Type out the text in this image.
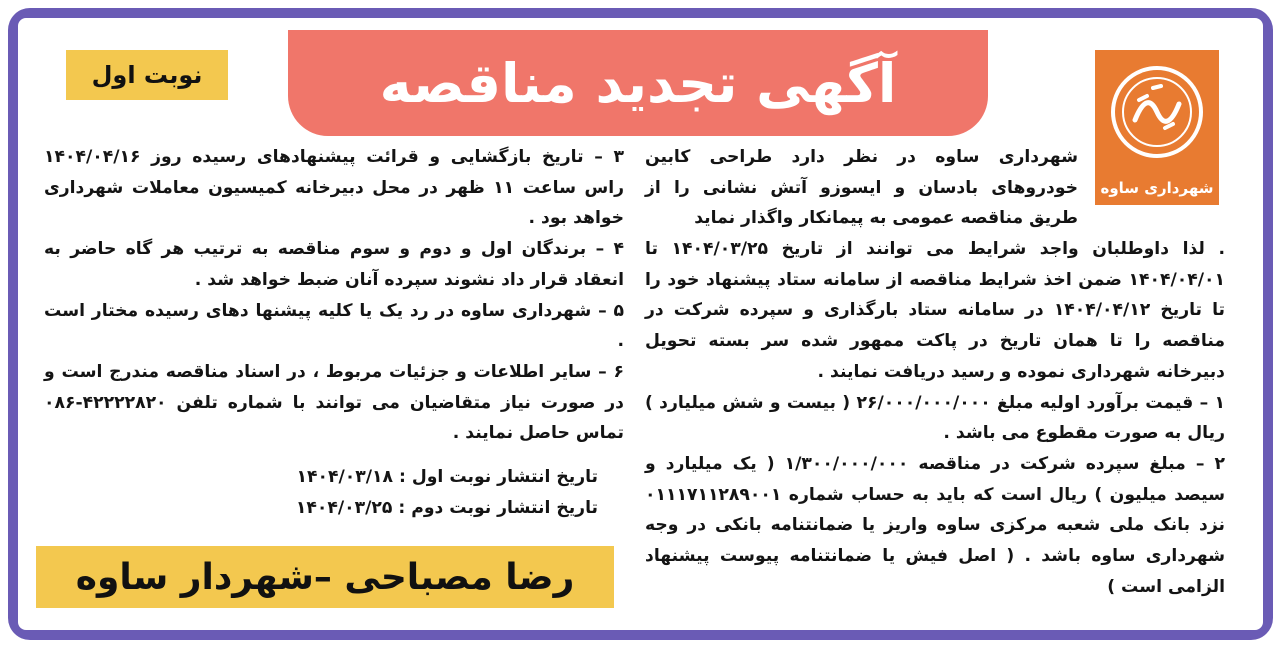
آگهی تجدید مناقصه
نوبت اول
شهرداری ساوه

شهرداری ساوه در نظر دارد طراحی کابین خودروهای بادسان و ایسوزو آتش نشانی را از طریق مناقصه عمومی به پیمانکار واگذار نماید

. لذا داوطلبان واجد شرایط می توانند از تاریخ ۱۴۰۴/۰۳/۲۵ تا ۱۴۰۴/۰۴/۰۱ ضمن اخذ شرایط مناقصه از سامانه ستاد پیشنهاد خود را تا تاریخ ۱۴۰۴/۰۴/۱۲ در سامانه ستاد بارگذاری و سپرده شرکت در مناقصه را تا همان تاریخ در پاکت ممهور شده سر بسته تحویل دبیرخانه شهرداری نموده و رسید دریافت نمایند .

۱ – قیمت برآورد اولیه مبلغ ۲۶/۰۰۰/۰۰۰/۰۰۰ ( بیست و شش میلیارد ) ریال به صورت مقطوع می باشد .

۲ – مبلغ سپرده شرکت در مناقصه ۱/۳۰۰/۰۰۰/۰۰۰ ( یک میلیارد و سیصد میلیون ) ریال است که باید به حساب شماره ۰۱۱۱۷۱۱۲۸۹۰۰۱ نزد بانک ملی شعبه مرکزی ساوه واریز یا ضمانتنامه بانکی در وجه شهرداری ساوه باشد . ( اصل فیش یا ضمانتنامه پیوست پیشنهاد الزامی است )

۳ – تاریخ بازگشایی و قرائت پیشنهادهای رسیده روز ۱۴۰۴/۰۴/۱۶ راس ساعت ۱۱ ظهر در محل دبیرخانه کمیسیون معاملات شهرداری خواهد بود .

۴ – برندگان اول و دوم و سوم مناقصه به ترتیب هر گاه حاضر به انعقاد قرار داد نشوند سپرده آنان ضبط خواهد شد .

۵ – شهرداری ساوه در رد یک یا کلیه پیشنها دهای رسیده مختار است .

۶ – سایر اطلاعات و جزئیات مربوط ، در اسناد مناقصه مندرج است و در صورت نیاز متقاضیان می توانند با شماره تلفن ۴۲۲۲۲۸۲۰-۰۸۶ تماس حاصل نمایند .

تاریخ انتشار نوبت اول : ۱۴۰۴/۰۳/۱۸
تاریخ انتشار نوبت دوم : ۱۴۰۴/۰۳/۲۵
رضا مصباحی –شهردار ساوه
